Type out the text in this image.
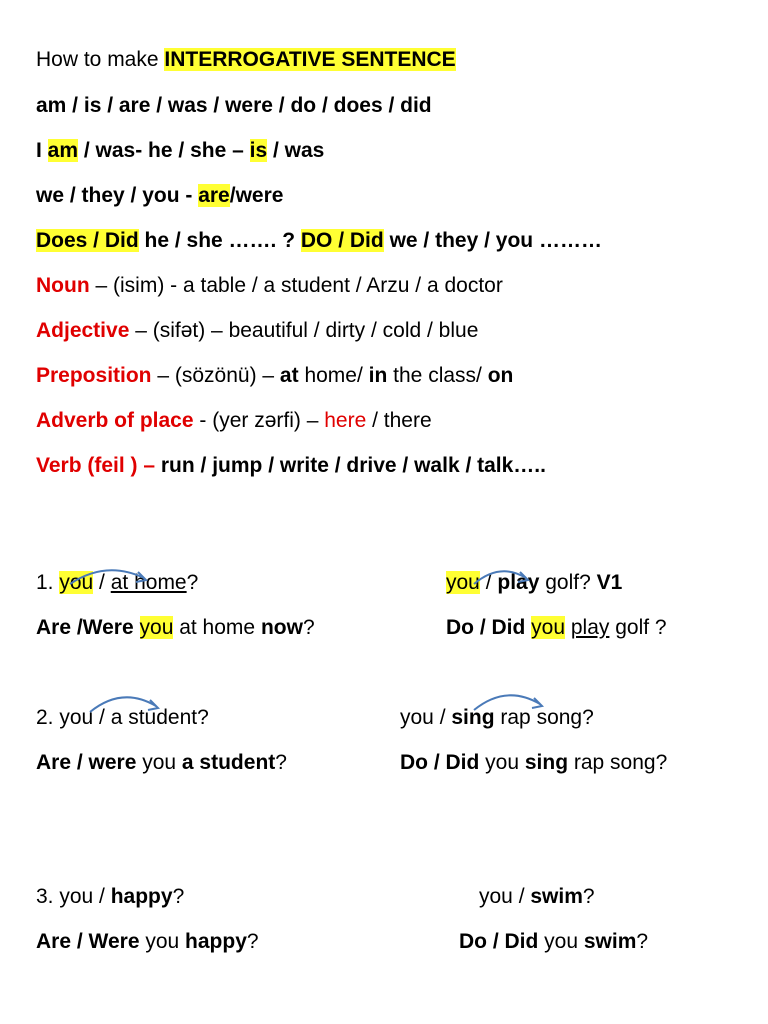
How to make INTERROGATIVE SENTENCE
am / is / are / was / were / do / does / did
I am / was- he / she – is / was
we / they / you - are/were
Does / Did he / she ……. ? DO / Did we / they / you ………
Noun – (isim) - a table / a student / Arzu / a doctor
Adjective – (sifət) – beautiful / dirty / cold / blue
Preposition – (sözönü) – at home/ in the class/ on
Adverb of place - (yer zərfi) – here / there
Verb (feil ) – run / jump / write / drive / walk / talk…..
1. you / at home?
Are /Were you at home now?
you / play golf? V1
Do / Did you play golf ?
2. you / a student?
Are / were you a student?
you / sing rap song?
Do / Did you sing rap song?
3. you / happy?
Are / Were you happy?
you / swim?
Do / Did you swim?
